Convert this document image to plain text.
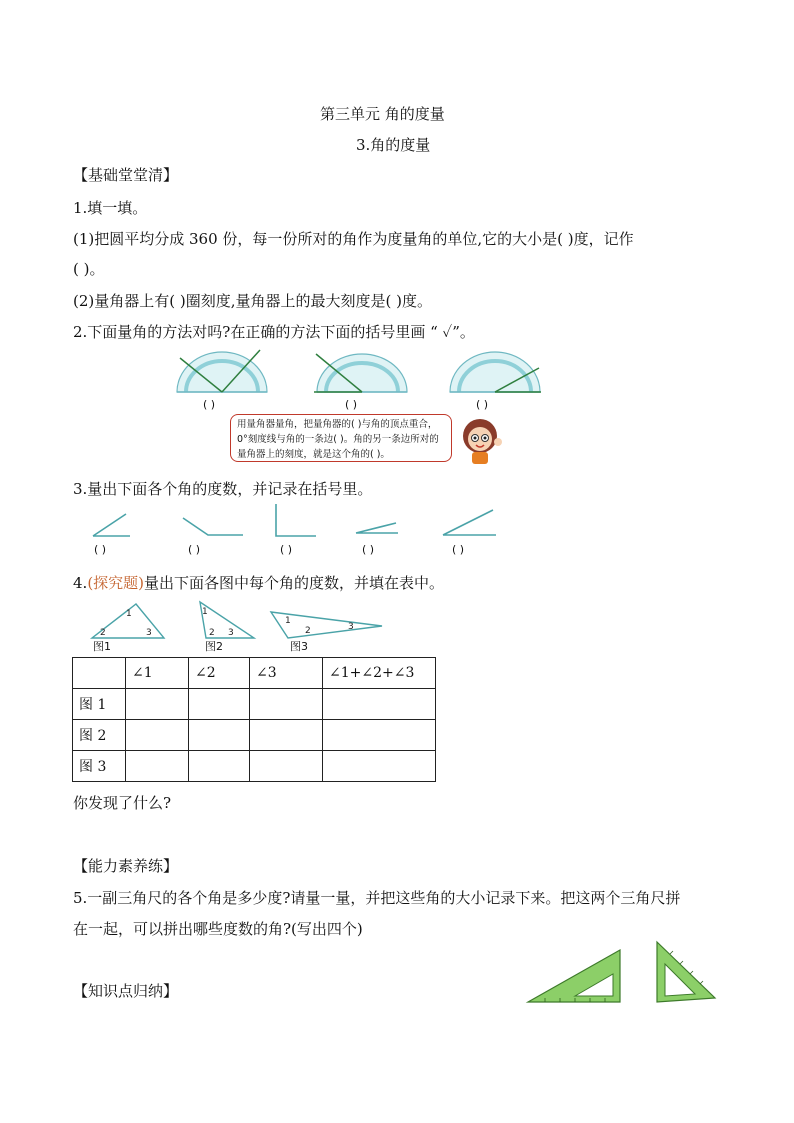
第三单元 角的度量
3.角的度量
【基础堂堂清】
1.填一填。
(1)把圆平均分成 360 份，每一份所对的角作为度量角的单位,它的大小是( )度，记作
( )。
(2)量角器上有( )圈刻度,量角器上的最大刻度是( )度。
2.下面量角的方法对吗?在正确的方法下面的括号里画 “ ✓”。
( )	( )	( )
用量角器量角，把量角器的( )与角的顶点重合，0°刻度线与角的一条边( )。角的另一条边所对的量角器上的刻度，就是这个角的( )。
3.量出下面各个角的度数，并记录在括号里。
( )	( )	( )	( )	( )
4.(探究题)量出下面各图中每个角的度数，并填在表中。
1
2	3
1
2 3
1
2	3
图1	图2	图3
	∠1	∠2	∠3	∠1+∠2+∠3
图 1				
图 2				
图 3				
你发现了什么?
【能力素养练】
5.一副三角尺的各个角是多少度?请量一量，并把这些角的大小记录下来。把这两个三角尺拼
在一起，可以拼出哪些度数的角?(写出四个)
【知识点归纳】
